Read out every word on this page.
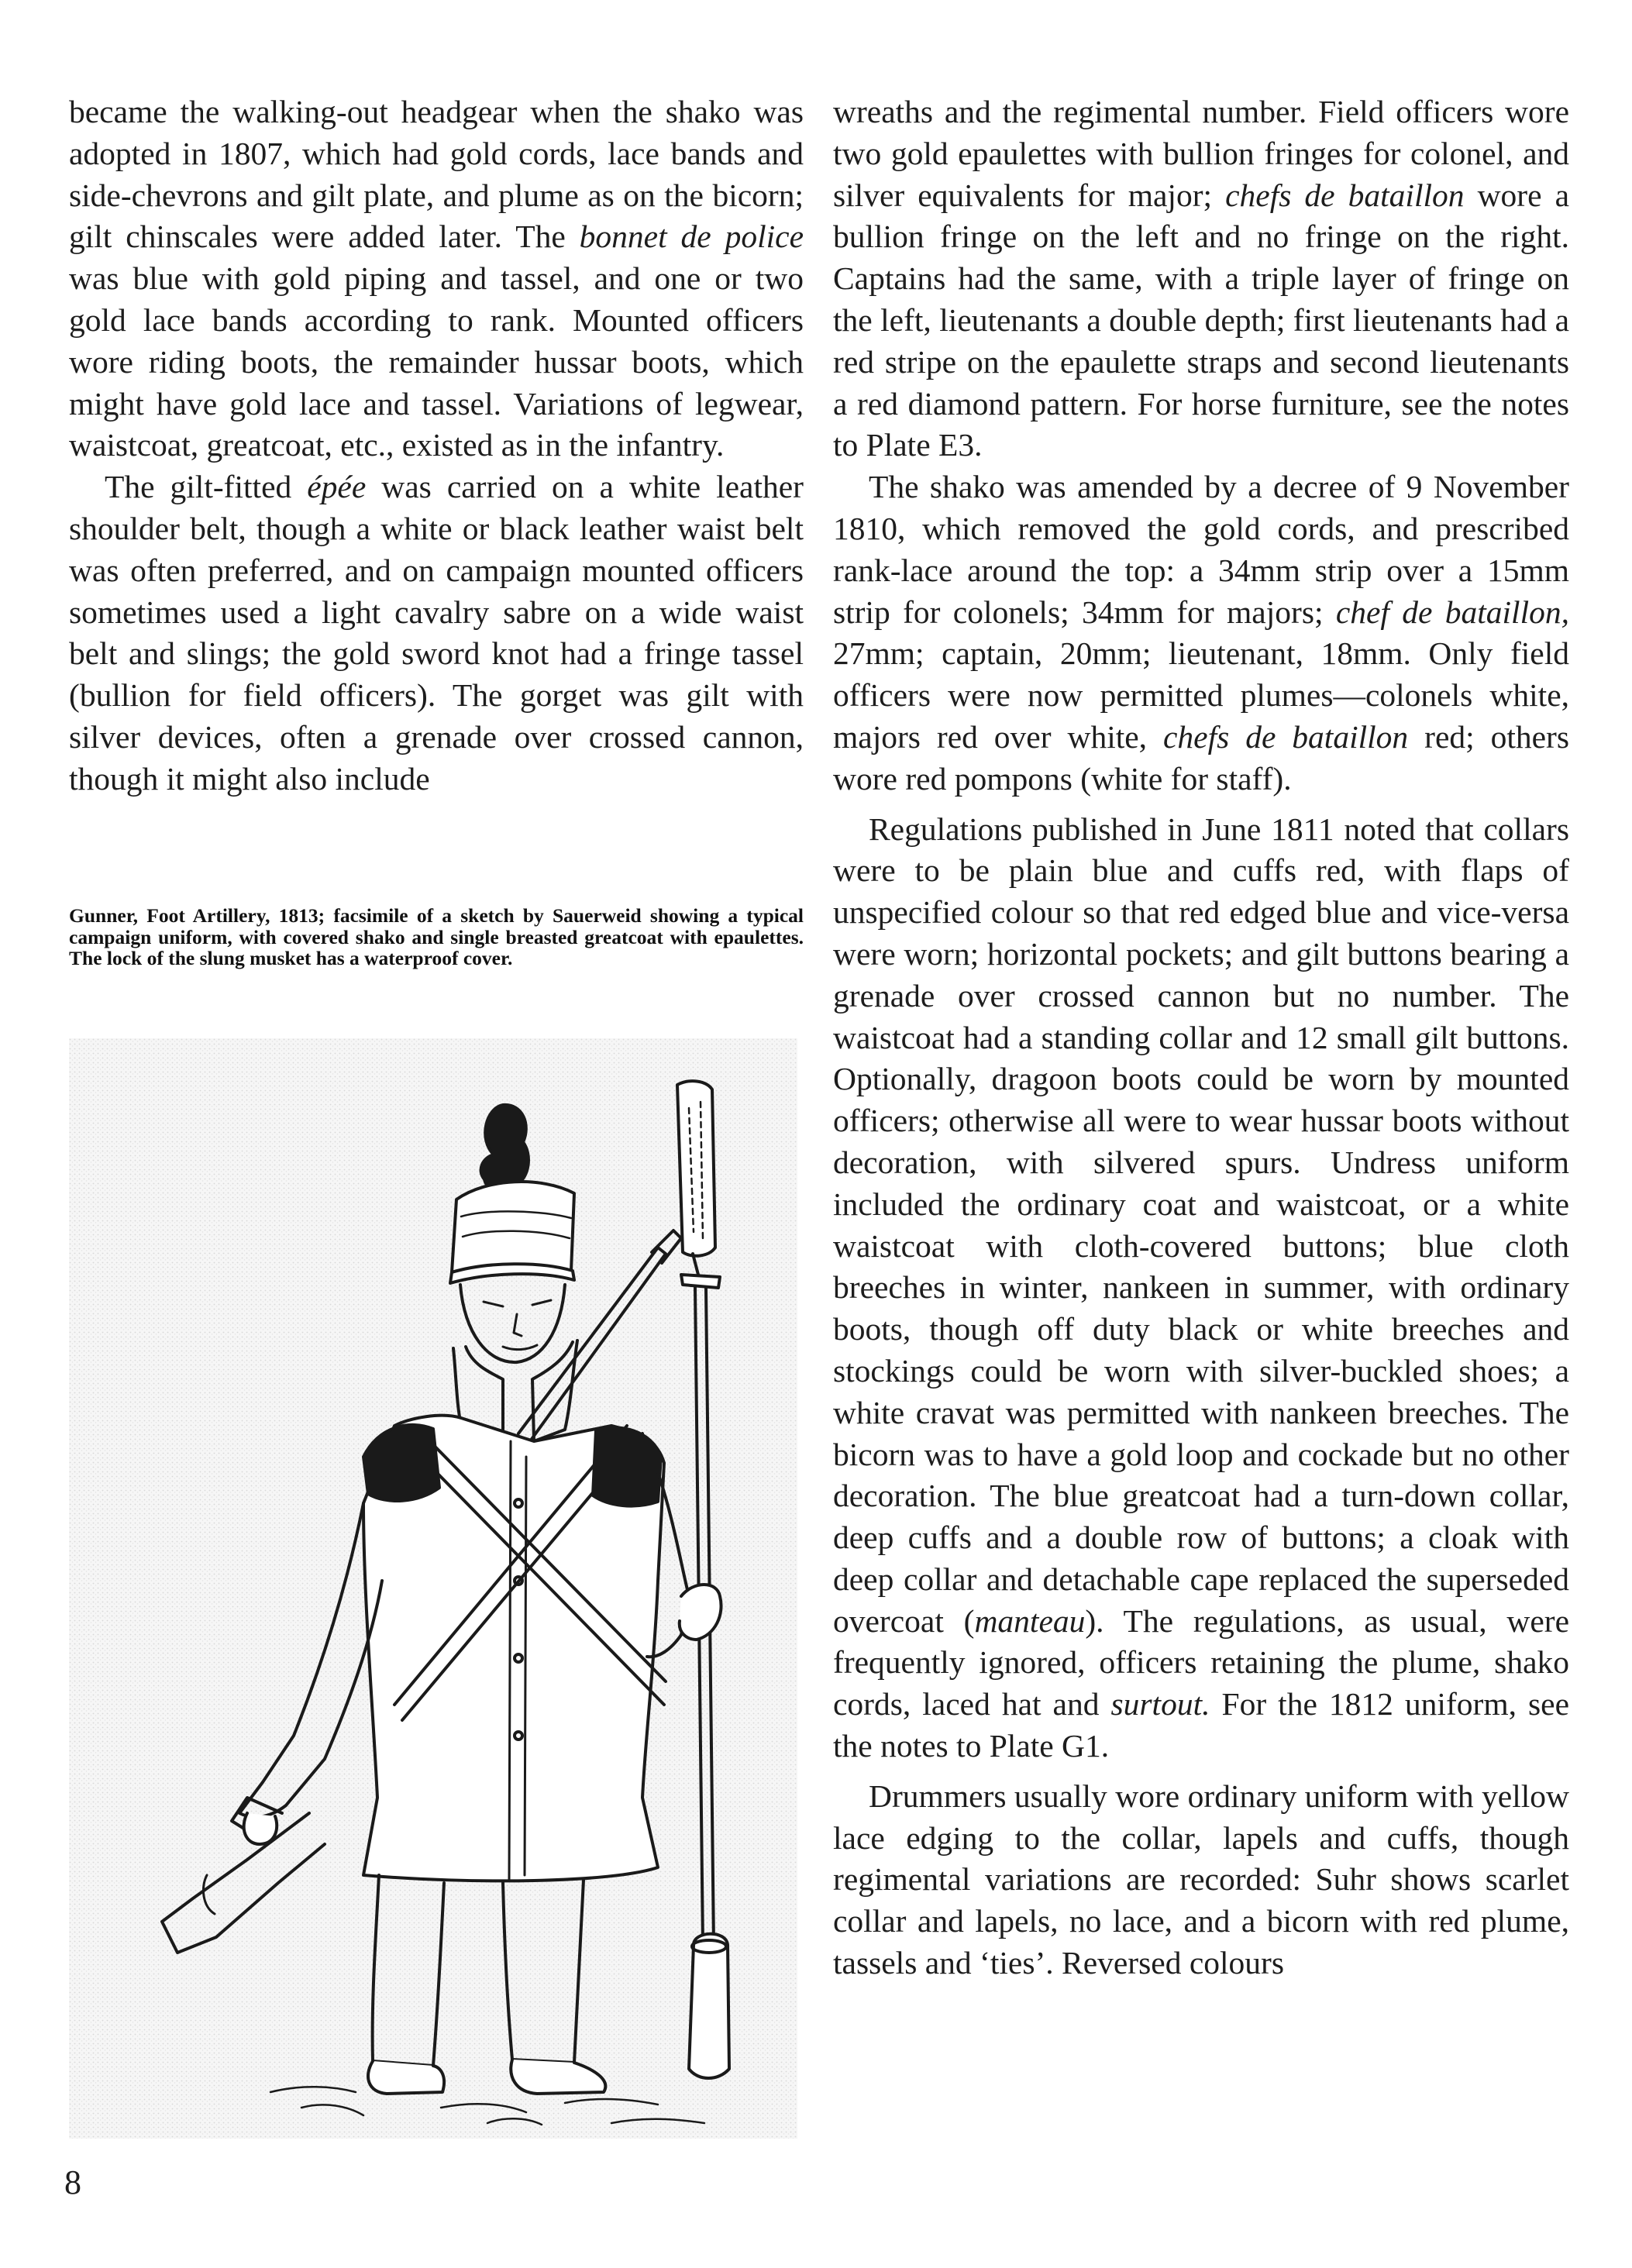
became the walking-out headgear when the shako was adopted in 1807, which had gold cords, lace bands and side-chevrons and gilt plate, and plume as on the bicorn; gilt chinscales were added later. The bonnet de police was blue with gold piping and tassel, and one or two gold lace bands according to rank. Mounted officers wore riding boots, the remainder hussar boots, which might have gold lace and tassel. Variations of legwear, waistcoat, greatcoat, etc., existed as in the infantry.

The gilt-fitted épée was carried on a white leather shoulder belt, though a white or black leather waist belt was often preferred, and on campaign mounted officers sometimes used a light cavalry sabre on a wide waist belt and slings; the gold sword knot had a fringe tassel (bullion for field officers). The gorget was gilt with silver devices, often a grenade over crossed cannon, though it might also include

Gunner, Foot Artillery, 1813; facsimile of a sketch by Sauerweid showing a typical campaign uniform, with covered shako and single breasted greatcoat with epaulettes. The lock of the slung musket has a waterproof cover.

wreaths and the regimental number. Field officers wore two gold epaulettes with bullion fringes for colonel, and silver equivalents for major; chefs de bataillon wore a bullion fringe on the left and no fringe on the right. Captains had the same, with a triple layer of fringe on the left, lieutenants a double depth; first lieutenants had a red stripe on the epaulette straps and second lieutenants a red diamond pattern. For horse furniture, see the notes to Plate E3.

The shako was amended by a decree of 9 November 1810, which removed the gold cords, and prescribed rank-lace around the top: a 34mm strip over a 15mm strip for colonels; 34mm for majors; chef de bataillon, 27mm; captain, 20mm; lieutenant, 18mm. Only field officers were now permitted plumes—colonels white, majors red over white, chefs de bataillon red; others wore red pompons (white for staff).

Regulations published in June 1811 noted that collars were to be plain blue and cuffs red, with flaps of unspecified colour so that red edged blue and vice-versa were worn; horizontal pockets; and gilt buttons bearing a grenade over crossed cannon but no number. The waistcoat had a standing collar and 12 small gilt buttons. Optionally, dragoon boots could be worn by mounted officers; otherwise all were to wear hussar boots without decoration, with silvered spurs. Undress uniform included the ordinary coat and waistcoat, or a white waistcoat with cloth-covered buttons; blue cloth breeches in winter, nankeen in summer, with ordinary boots, though off duty black or white breeches and stockings could be worn with silver-buckled shoes; a white cravat was permitted with nankeen breeches. The bicorn was to have a gold loop and cockade but no other decoration. The blue greatcoat had a turn-down collar, deep cuffs and a double row of buttons; a cloak with deep collar and detachable cape replaced the superseded overcoat (manteau). The regulations, as usual, were frequently ignored, officers retaining the plume, shako cords, laced hat and surtout. For the 1812 uniform, see the notes to Plate G1.

Drummers usually wore ordinary uniform with yellow lace edging to the collar, lapels and cuffs, though regimental variations are recorded: Suhr shows scarlet collar and lapels, no lace, and a bicorn with red plume, tassels and ‘ties’. Reversed colours

8
